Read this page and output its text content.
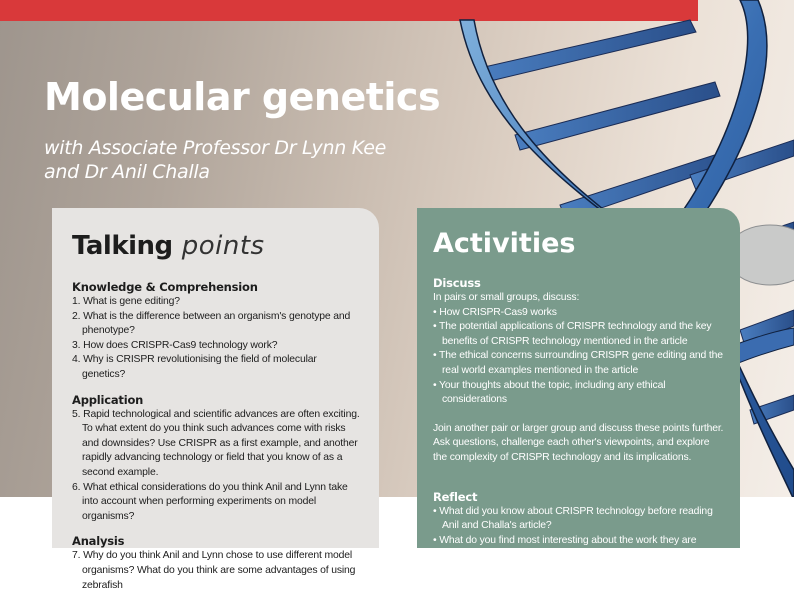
Molecular genetics

with Associate Professor Dr Lynn Kee
and Dr Anil Challa

Talking points
Knowledge & Comprehension
1. What is gene editing?
2. What is the difference between an organism's genotype and phenotype?
3. How does CRISPR-Cas9 technology work?
4. Why is CRISPR revolutionising the field of molecular genetics?
Application
5. Rapid technological and scientific advances are often exciting. To what extent do you think such advances come with risks and downsides? Use CRISPR as a first example, and another rapidly advancing technology or field that you know of as a second example.
6. What ethical considerations do you think Anil and Lynn take into account when performing experiments on model organisms?
Analysis
7. Why do you think Anil and Lynn chose to use different model organisms? What do you think are some advantages of using zebrafish
Activities
Discuss

In pairs or small groups, discuss:

• How CRISPR-Cas9 works
• The potential applications of CRISPR technology and the key benefits of CRISPR technology mentioned in the article
• The ethical concerns surrounding CRISPR gene editing and the real world examples mentioned in the article
• Your thoughts about the topic, including any ethical considerations

Join another pair or larger group and discuss these points further. Ask questions, challenge each other's viewpoints, and explore the complexity of CRISPR technology and its implications.

Reflect
• What did you know about CRISPR technology before reading Anil and Challa's article?
• What do you find most interesting about the work they are doing?
